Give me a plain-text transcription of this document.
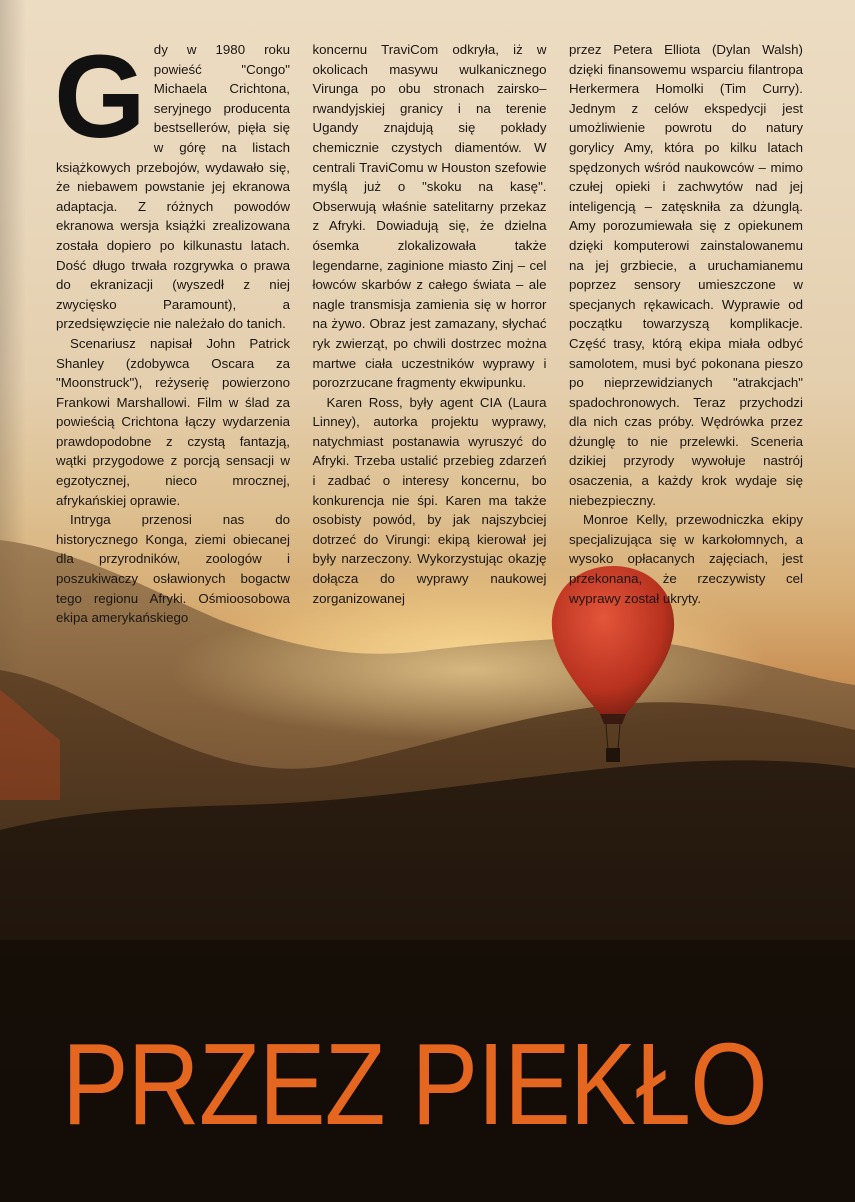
Gdy w 1980 roku powieść "Congo" Michaela Crichtona, seryjnego producenta bestsellerów, pięła się w górę na listach książkowych przebojów, wydawało się, że niebawem powstanie jej ekranowa adaptacja. Z różnych powodów ekranowa wersja książki zrealizowana została dopiero po kilkunastu latach. Dość długo trwała rozgrywka o prawa do ekranizacji (wyszedł z niej zwycięsko Paramount), a przedsięwzięcie nie należało do tanich.

Scenariusz napisał John Patrick Shanley (zdobywca Oscara za "Moonstruck"), reżyserię powierzono Frankowi Marshallowi. Film w ślad za powieścią Crichtona łączy wydarzenia prawdopodobne z czystą fantazją, wątki przygodowe z porcją sensacji w egzotycznej, nieco mrocznej, afrykańskiej oprawie.

Intryga przenosi nas do historycznego Konga, ziemi obiecanej dla przyrodników, zoologów i poszukiwaczy osławionych bogactw tego regionu Afryki. Ośmioosobowa ekipa amerykańskiego

koncernu TraviCom odkryła, iż w okolicach masywu wulkanicznego Virunga po obu stronach zairsko–rwandyjskiej granicy i na terenie Ugandy znajdują się pokłady chemicznie czystych diamentów. W centrali TraviComu w Houston szefowie myślą już o "skoku na kasę". Obserwują właśnie satelitarny przekaz z Afryki. Dowiadują się, że dzielna ósemka zlokalizowała także legendarne, zaginione miasto Zinj – cel łowców skarbów z całego świata – ale nagle transmisja zamienia się w horror na żywo. Obraz jest zamazany, słychać ryk zwierząt, po chwili dostrzec można martwe ciała uczestników wyprawy i porozrzucane fragmenty ekwipunku.

Karen Ross, były agent CIA (Laura Linney), autorka projektu wyprawy, natychmiast postanawia wyruszyć do Afryki. Trzeba ustalić przebieg zdarzeń i zadbać o interesy koncernu, bo konkurencja nie śpi. Karen ma także osobisty powód, by jak najszybciej dotrzeć do Virungi: ekipą kierował jej były narzeczony. Wykorzystując okazję dołącza do wyprawy naukowej zorganizowanej

przez Petera Elliota (Dylan Walsh) dzięki finansowemu wsparciu filantropa Herkermera Homolki (Tim Curry). Jednym z celów ekspedycji jest umożliwienie powrotu do natury gorylicy Amy, która po kilku latach spędzonych wśród naukowców – mimo czułej opieki i zachwytów nad jej inteligencją – zatęskniła za dżunglą. Amy porozumiewała się z opiekunem dzięki komputerowi zainstalowanemu na jej grzbiecie, a uruchamianemu poprzez sensory umieszczone w specjanych rękawicach. Wyprawie od początku towarzyszą komplikacje. Część trasy, którą ekipa miała odbyć samolotem, musi być pokonana pieszo po nieprzewidzianych "atrakcjach" spadochronowych. Teraz przychodzi dla nich czas próby. Wędrówka przez dżunglę to nie przelewki. Sceneria dzikiej przyrody wywołuje nastrój osaczenia, a każdy krok wydaje się niebezpieczny.

Monroe Kelly, przewodniczka ekipy specjalizująca się w karkołomnych, a wysoko opłacanych zajęciach, jest przekonana, że rzeczywisty cel wyprawy został ukryty.

PRZEZ PIEKŁO
